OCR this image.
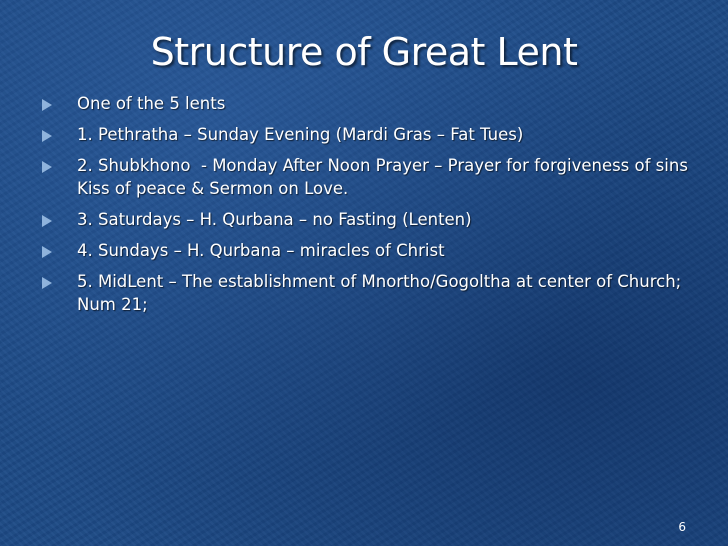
Structure of Great Lent
One of the 5 lents
1. Pethratha – Sunday Evening (Mardi Gras – Fat Tues)
2. Shubkhono  - Monday After Noon Prayer – Prayer for forgiveness of sins Kiss of peace & Sermon on Love.
3. Saturdays – H. Qurbana – no Fasting (Lenten)
4. Sundays – H. Qurbana – miracles of Christ
5. MidLent – The establishment of Mnortho/Gogoltha at center of Church; Num 21;
6
